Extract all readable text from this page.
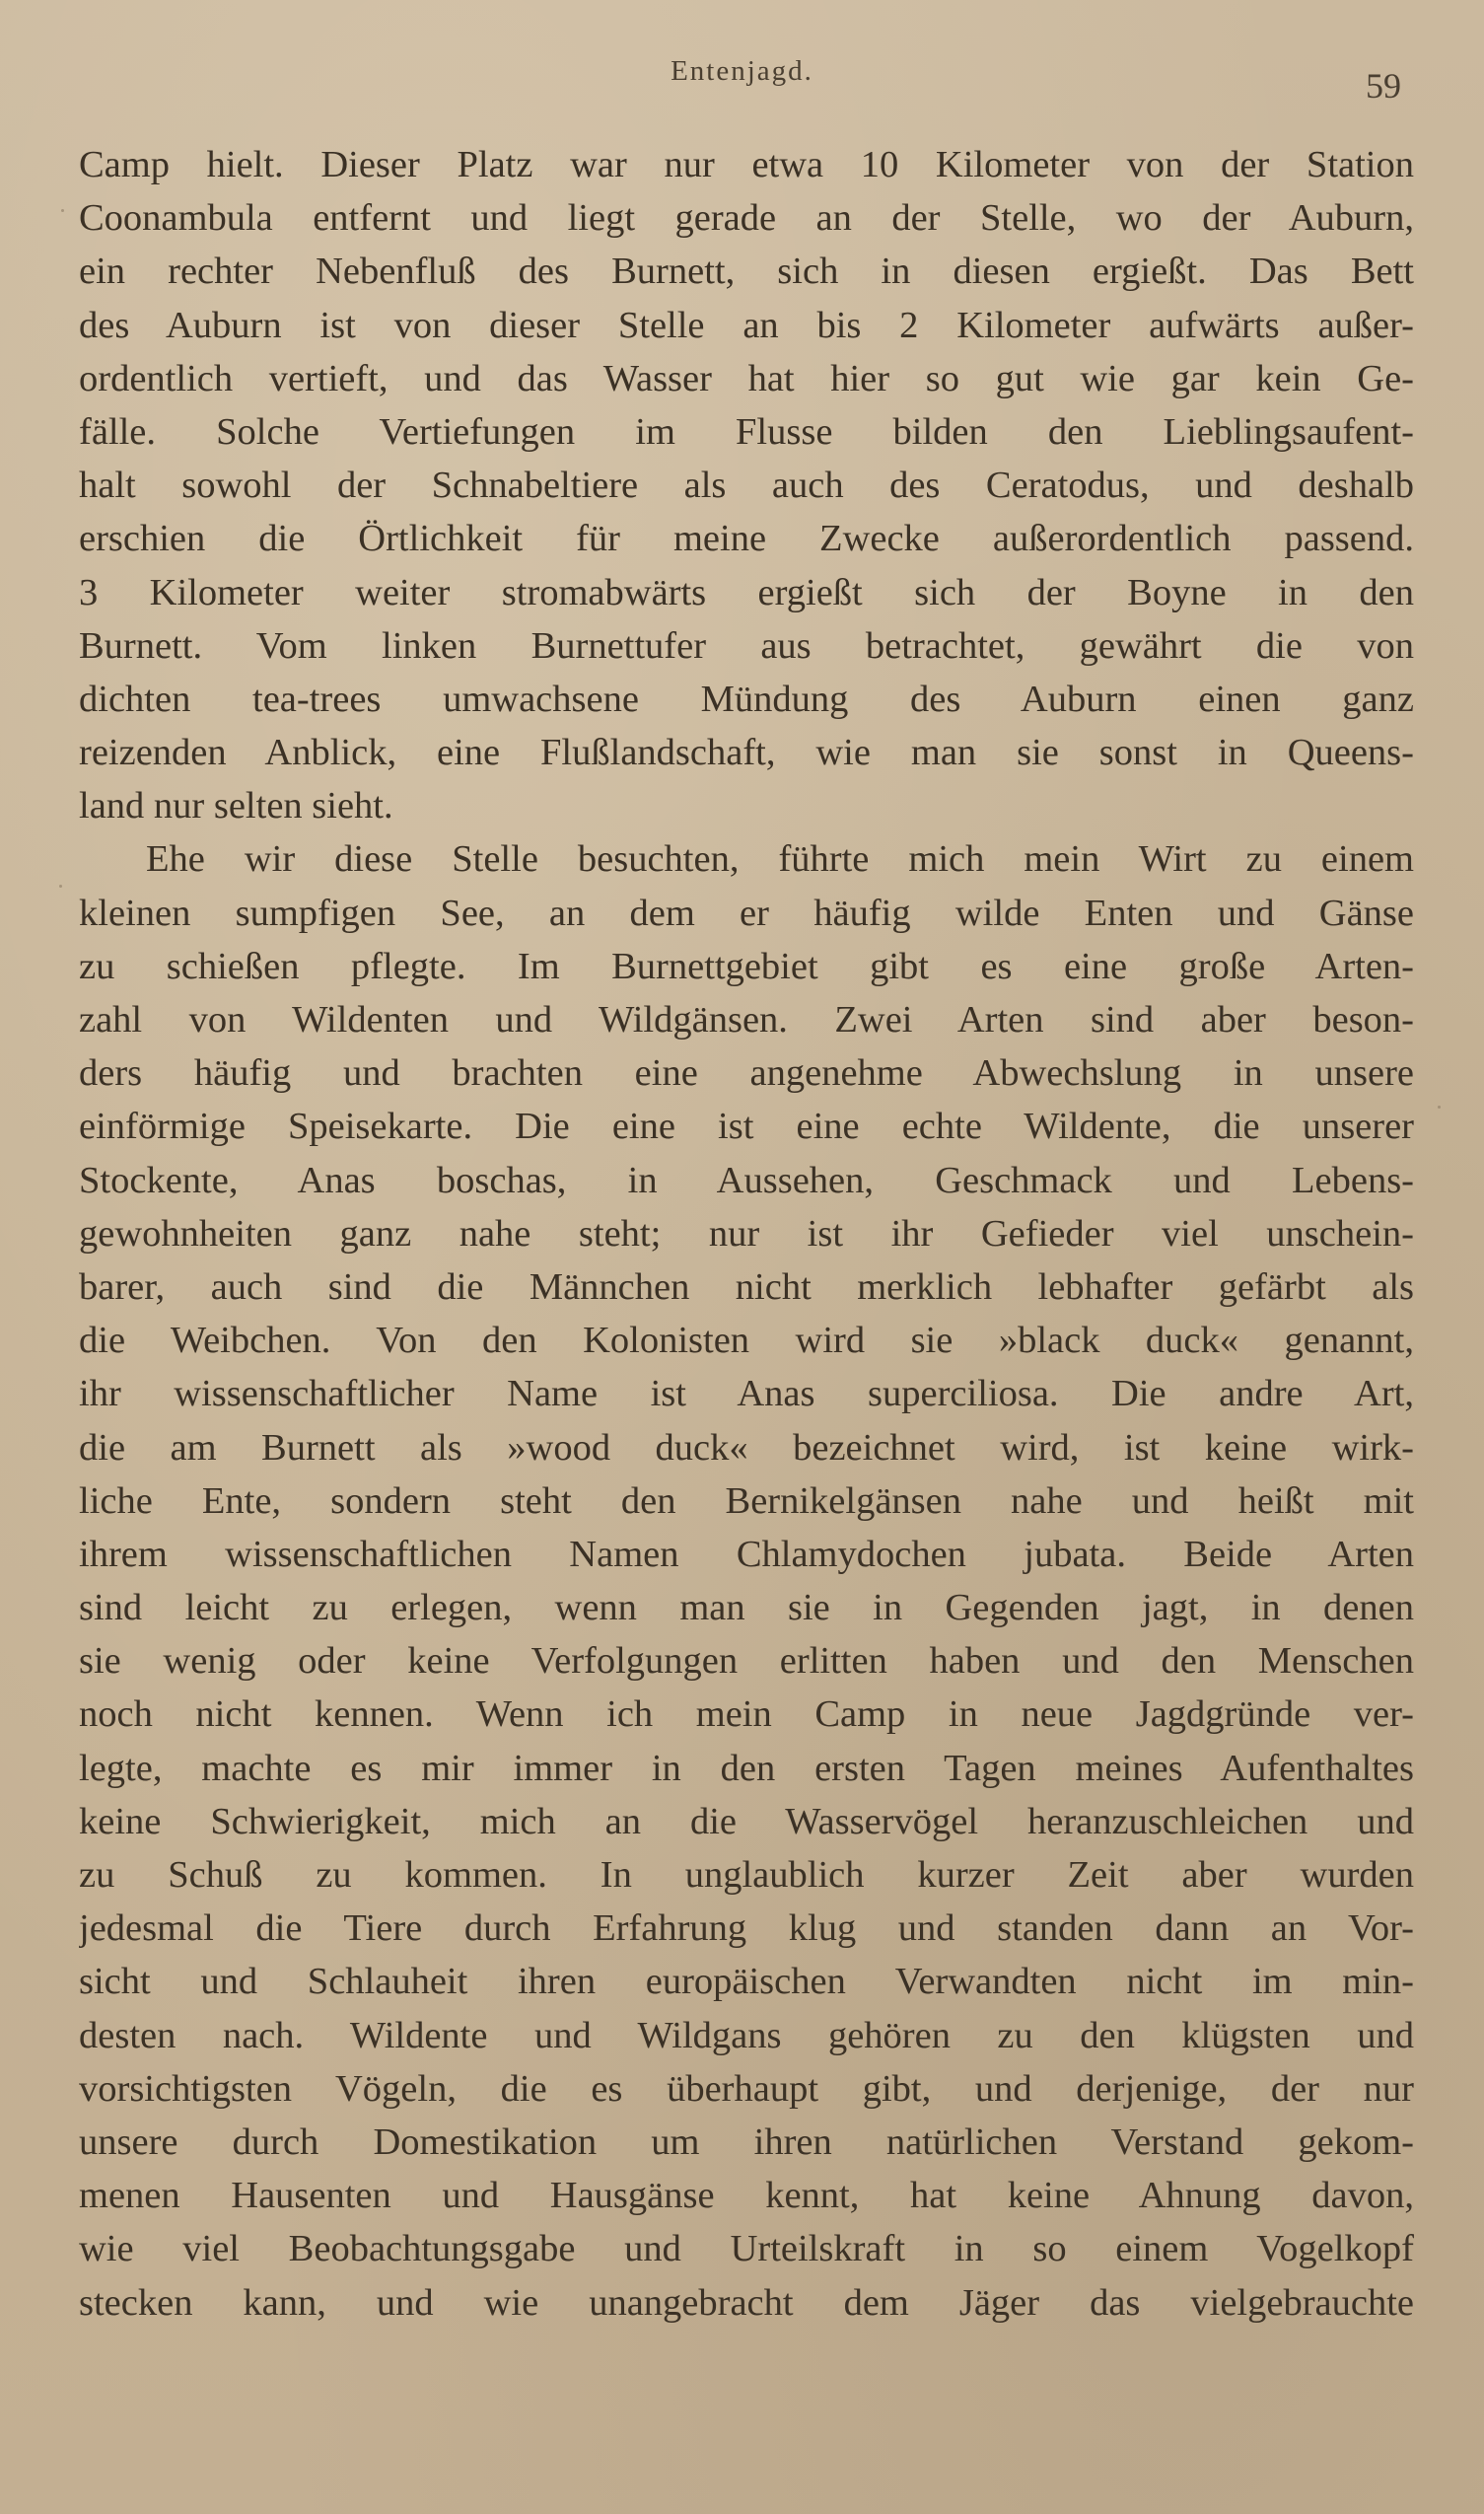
Entenjagd.	59
Camp hielt. Dieser Platz war nur etwa 10 Kilometer von der Station
Coonambula entfernt und liegt gerade an der Stelle, wo der Auburn,
ein rechter Nebenfluß des Burnett, sich in diesen ergießt. Das Bett
des Auburn ist von dieser Stelle an bis 2 Kilometer aufwärts außer-
ordentlich vertieft, und das Wasser hat hier so gut wie gar kein Ge-
fälle. Solche Vertiefungen im Flusse bilden den Lieblingsaufent-
halt sowohl der Schnabeltiere als auch des Ceratodus, und deshalb
erschien die Örtlichkeit für meine Zwecke außerordentlich passend.
3 Kilometer weiter stromabwärts ergießt sich der Boyne in den
Burnett. Vom linken Burnettufer aus betrachtet, gewährt die von
dichten tea-trees umwachsene Mündung des Auburn einen ganz
reizenden Anblick, eine Flußlandschaft, wie man sie sonst in Queens-
land nur selten sieht.
Ehe wir diese Stelle besuchten, führte mich mein Wirt zu einem
kleinen sumpfigen See, an dem er häufig wilde Enten und Gänse
zu schießen pflegte. Im Burnettgebiet gibt es eine große Arten-
zahl von Wildenten und Wildgänsen. Zwei Arten sind aber beson-
ders häufig und brachten eine angenehme Abwechslung in unsere
einförmige Speisekarte. Die eine ist eine echte Wildente, die unserer
Stockente, Anas boschas, in Aussehen, Geschmack und Lebens-
gewohnheiten ganz nahe steht; nur ist ihr Gefieder viel unschein-
barer, auch sind die Männchen nicht merklich lebhafter gefärbt als
die Weibchen. Von den Kolonisten wird sie »black duck« genannt,
ihr wissenschaftlicher Name ist Anas superciliosa. Die andre Art,
die am Burnett als »wood duck« bezeichnet wird, ist keine wirk-
liche Ente, sondern steht den Bernikelgänsen nahe und heißt mit
ihrem wissenschaftlichen Namen Chlamydochen jubata. Beide Arten
sind leicht zu erlegen, wenn man sie in Gegenden jagt, in denen
sie wenig oder keine Verfolgungen erlitten haben und den Menschen
noch nicht kennen. Wenn ich mein Camp in neue Jagdgründe ver-
legte, machte es mir immer in den ersten Tagen meines Aufenthaltes
keine Schwierigkeit, mich an die Wasservögel heranzuschleichen und
zu Schuß zu kommen. In unglaublich kurzer Zeit aber wurden
jedesmal die Tiere durch Erfahrung klug und standen dann an Vor-
sicht und Schlauheit ihren europäischen Verwandten nicht im min-
desten nach. Wildente und Wildgans gehören zu den klügsten und
vorsichtigsten Vögeln, die es überhaupt gibt, und derjenige, der nur
unsere durch Domestikation um ihren natürlichen Verstand gekom-
menen Hausenten und Hausgänse kennt, hat keine Ahnung davon,
wie viel Beobachtungsgabe und Urteilskraft in so einem Vogelkopf
stecken kann, und wie unangebracht dem Jäger das vielgebrauchte
